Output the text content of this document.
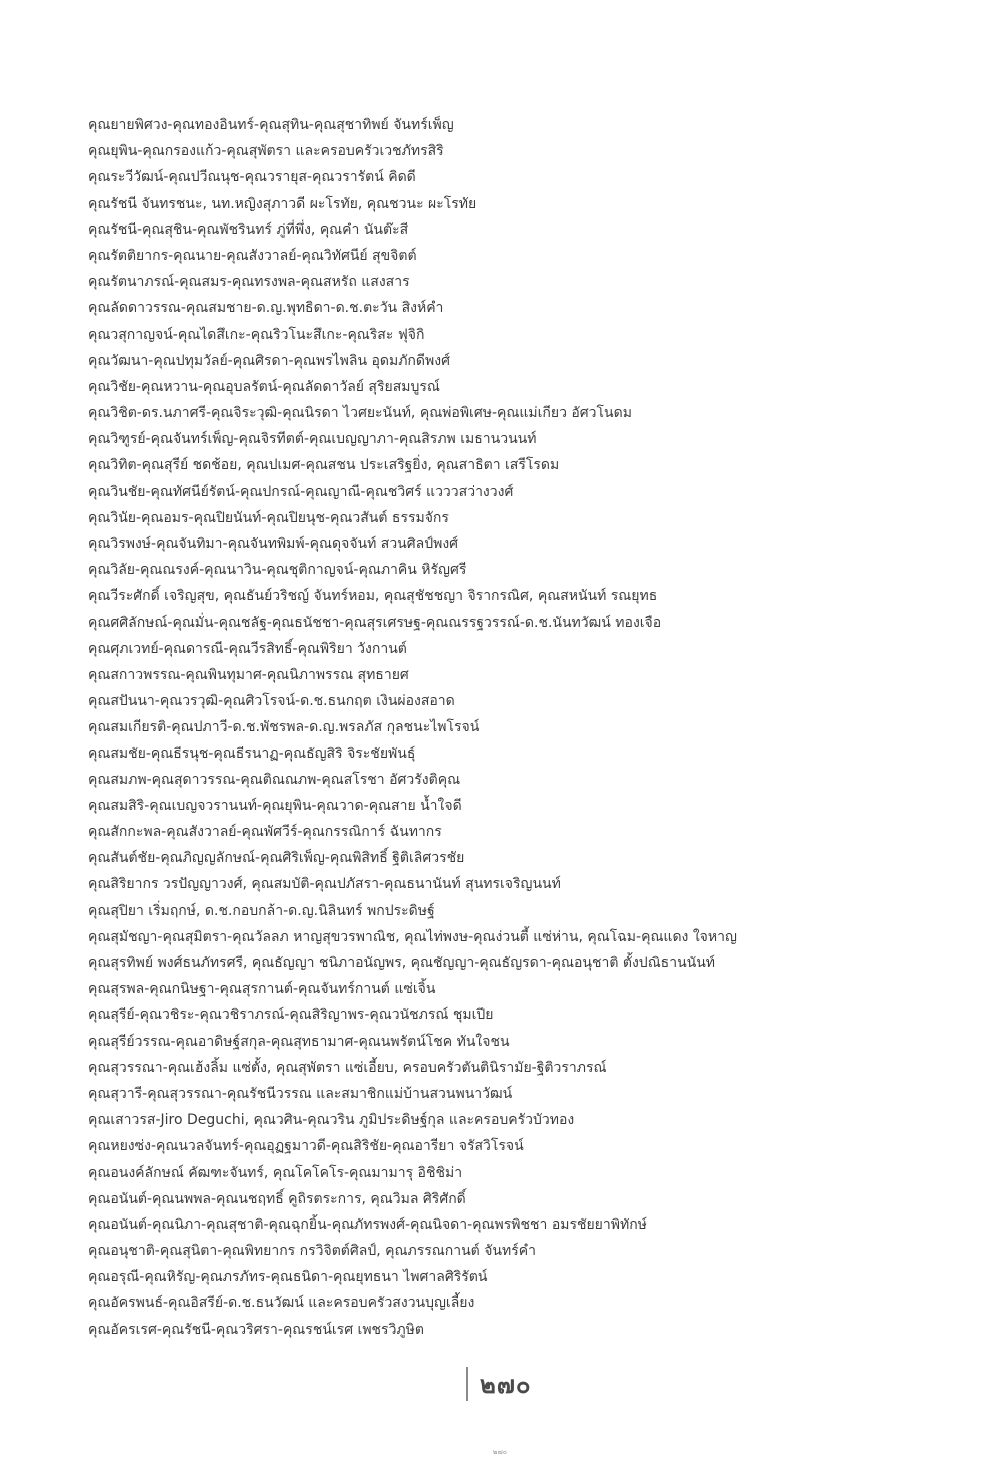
คุณยายพิศวง-คุณทองอินทร์-คุณสุทิน-คุณสุชาทิพย์ จันทร์เพ็ญ
คุณยุพิน-คุณกรองแก้ว-คุณสุพัตรา และครอบครัวเวชภัทรสิริ
คุณระวีวัฒน์-คุณปวีณนุช-คุณวรายุส-คุณวรารัตน์ คิดดี
คุณรัชนี จันทรชนะ, นท.หญิงสุภาวดี ผะโรทัย, คุณชวนะ ผะโรทัย
คุณรัชนี-คุณสุชิน-คุณพัชรินทร์ ภู่ที่พึ่ง, คุณคำ นันต๊ะสี
คุณรัตติยากร-คุณนาย-คุณสังวาลย์-คุณวิทัศนีย์ สุขจิตต์
คุณรัตนาภรณ์-คุณสมร-คุณทรงพล-คุณสหรัถ แสงสาร
คุณลัดดาวรรณ-คุณสมชาย-ด.ญ.พุทธิดา-ด.ช.ตะวัน สิงห์คำ
คุณวสุกาญจน์-คุณไดสึเกะ-คุณริวโนะสึเกะ-คุณริสะ ฟุจิกิ
คุณวัฒนา-คุณปทุมวัลย์-คุณศิรดา-คุณพรไพลิน อุดมภักดีพงศ์
คุณวิชัย-คุณหวาน-คุณอุบลรัตน์-คุณลัดดาวัลย์ สุริยสมบูรณ์
คุณวิชิต-ดร.นภาศรี-คุณจิระวุฒิ-คุณนิรดา ไวศยะนันท์, คุณพ่อพิเศษ-คุณแม่เกียว อัศวโนดม
คุณวิฑูรย์-คุณจันทร์เพ็ญ-คุณจิรทีตต์-คุณเบญญาภา-คุณสิรภพ เมธานวนนท์
คุณวิทิต-คุณสุรีย์ ชดช้อย, คุณปเมศ-คุณสชน ประเสริฐยิ่ง, คุณสาธิตา เสรีโรดม
คุณวินชัย-คุณทัศนีย์รัตน์-คุณปกรณ์-คุณญาณี-คุณชวิศร์ แวววสว่างวงศ์
คุณวินัย-คุณอมร-คุณปิยนันท์-คุณปิยนุช-คุณวสันต์ ธรรมจักร
คุณวิรพงษ์-คุณจันทิมา-คุณจันทพิมพ์-คุณดุจจันท์ สวนศิลป์พงศ์
คุณวิลัย-คุณณรงค์-คุณนาวิน-คุณชุติกาญจน์-คุณภาคิน หิรัญศรี
คุณวีระศักดิ์ เจริญสุข, คุณธันย์วริชญ์ จันทร์หอม, คุณสุชัชชญา จิรากรณิศ, คุณสหนันท์ รณยุทธ
คุณศศิลักษณ์-คุณมั่น-คุณชลัฐ-คุณธนัชชา-คุณสุรเศรษฐ-คุณณรรฐวรรณ์-ด.ช.นันทวัฒน์ ทองเจือ
คุณศุภเวทย์-คุณดารณี-คุณวีรสิทธิ์-คุณพิริยา วังกานต์
คุณสกาวพรรณ-คุณพินทุมาศ-คุณนิภาพรรณ สุทธายศ
คุณสปันนา-คุณวรวุฒิ-คุณศิวโรจน์-ด.ช.ธนกฤต เงินผ่องสอาด
คุณสมเกียรติ-คุณปภาวี-ด.ช.พัชรพล-ด.ญ.พรลภัส กุลชนะไพโรจน์
คุณสมชัย-คุณธีรนุช-คุณธีรนาฏ-คุณธัญสิริ จิระชัยพันธุ์
คุณสมภพ-คุณสุดาวรรณ-คุณติณณภพ-คุณสโรชา อัศวรังติคุณ
คุณสมสิริ-คุณเบญจวรานนท์-คุณยุพิน-คุณวาด-คุณสาย น้ำใจดี
คุณสักกะพล-คุณสังวาลย์-คุณพัศวีร์-คุณกรรณิการ์ ฉันทากร
คุณสันต์ชัย-คุณภิญญลักษณ์-คุณศิริเพ็ญ-คุณพิสิทธิ์ ฐิติเลิศวรชัย
คุณสิริยากร วรปัญญาวงศ์, คุณสมบัติ-คุณปภัสรา-คุณธนานันท์ สุนทรเจริญนนท์
คุณสุปิยา เริ่มฤกษ์, ด.ช.กอบกล้า-ด.ญ.นิลินทร์ พกประดิษฐ์
คุณสุมัชญา-คุณสุมิตรา-คุณวัลลภ หาญสุขวรพาณิช, คุณไท่พงษ-คุณง่วนตี้ แซ่ห่าน, คุณโฉม-คุณแดง ใจหาญ
คุณสุรทิพย์ พงศ์ธนภัทรศรี, คุณธัญญา ชนิภาอนัญพร, คุณชัญญา-คุณธัญรดา-คุณอนุชาติ ตั้งปณิธานนันท์
คุณสุรพล-คุณกนิษฐา-คุณสุรกานต์-คุณจันทร์กานต์ แซ่เจิ้น
คุณสุรีย์-คุณวชิระ-คุณวชิราภรณ์-คุณสิริญาพร-คุณวนัชภรณ์ ชุมเปีย
คุณสุรีย์วรรณ-คุณอาดิษฐ์สกุล-คุณสุทธามาศ-คุณนพรัตน์โชค ทันใจชน
คุณสุวรรณา-คุณเฮ้งลิ้ม แซ่ตั้ง, คุณสุพัตรา แซ่เอี้ยบ, ครอบครัวตันตินิรามัย-ฐิติวราภรณ์
คุณสุวารี-คุณสุวรรณา-คุณรัชนีวรรณ และสมาชิกแม่บ้านสวนพนาวัฒน์
คุณเสาวรส-Jiro Deguchi, คุณวศิน-คุณวริน ภูมิประดิษฐ์กุล และครอบครัวบัวทอง
คุณหยงซ่ง-คุณนวลจันทร์-คุณอุฏฐมาวดี-คุณสิริชัย-คุณอารียา จรัสวิโรจน์
คุณอนงค์ลักษณ์ คัฒฑะจันทร์, คุณโคโคโร-คุณมามารุ อิชิชิม่า
คุณอนันต์-คุณนพพล-คุณนชฤทธิ์ คูถิรตระการ, คุณวิมล ศิริศักดิ์
คุณอนันต์-คุณนิภา-คุณสุชาติ-คุณฉุกยิ้น-คุณภัทรพงศ์-คุณนิจดา-คุณพรพิชชา อมรชัยยาพิทักษ์
คุณอนุชาติ-คุณสุนิตา-คุณพิทยากร กรวิจิตต์ศิลป์, คุณภรรณกานต์ จันทร์คำ
คุณอรุณี-คุณหิรัญ-คุณภรภัทร-คุณธนิดา-คุณยุทธนา ไพศาลศิริรัตน์
คุณอัครพนธ์-คุณอิสรีย์-ด.ช.ธนวัฒน์ และครอบครัวสงวนบุญเลี้ยง
คุณอัครเรศ-คุณรัชนี-คุณวริศรา-คุณรชน์เรศ เพชรวิภูษิต
๒๗๐
๒๗๐
